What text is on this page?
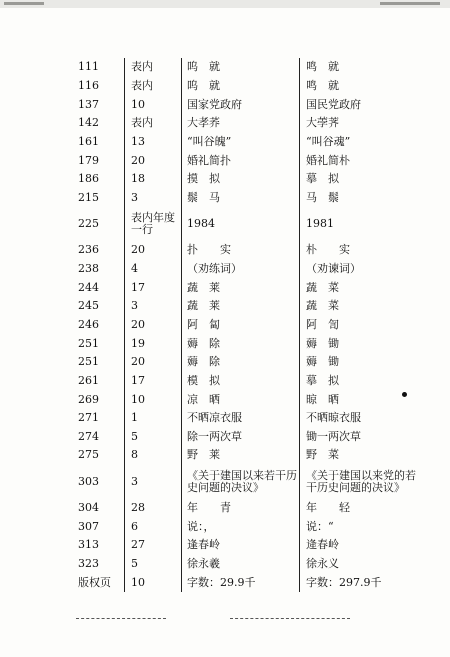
111	表内	呜　就	鸣　就
116	表内	呜　就	鸣　就
137	10	国家党政府	国民党政府
142	表内	大孝荞	大荸荠
161	13	“叫谷魄”	“叫谷魂”
179	20	婚礼简扑	婚礼简朴
186	18	摸　拟	摹　拟
215	3	鬃　马	马　鬃
225	表内年度一行	1984	1981
236	20	扑　　实	朴　　实
238	4	（劝练词）	（劝谏词）
244	17	蔬　莱	蔬　菜
245	3	蔬　莱	蔬　菜
246	20	阿　匐	阿　訇
251	19	薅　除	薅　锄
251	20	薅　除	薅　锄
261	17	模　拟	摹　拟
269	10	凉　晒	晾　晒
271	1	不晒凉衣服	不晒晾衣服
274	5	除一两次草	锄一两次草
275	8	野　莱	野　菜
303	3	《关于建国以来若干历史问题的决议》	《关于建国以来党的若干历史问题的决议》
304	28	年　　青	年　　轻
307	6	说：，	说：“
313	27	逢春岭	逄春岭
323	5	徐永羲	徐永义
版权页	10	字数：29.9千	字数：297.9千
